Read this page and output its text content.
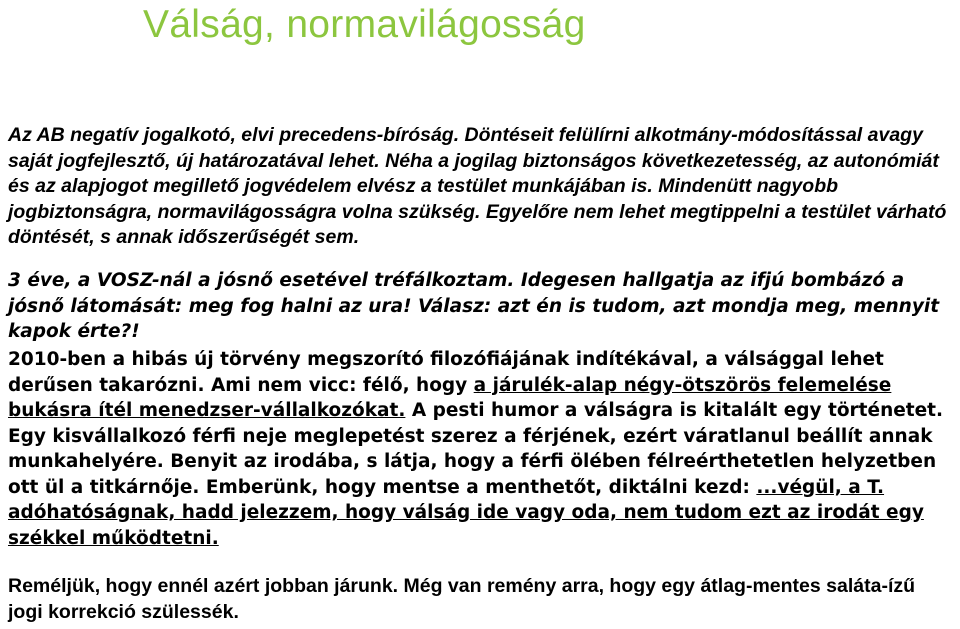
Válság, normavilágosság
Az AB negatív jogalkotó, elvi precedens-bíróság. Döntéseit felülírni alkotmány-módosítással avagy saját jogfejlesztő, új határozatával lehet. Néha a jogilag biztonságos következetesség, az autonómiát és az alapjogot megillető jogvédelem elvész a testület munkájában is. Mindenütt nagyobb jogbiztonságra, normavilágosságra volna szükség. Egyelőre nem lehet megtippelni a testület várható döntését, s annak időszerűségét sem.
3 éve, a VOSZ-nál a jósnő esetével tréfálkoztam. Idegesen hallgatja az ifjú bombázó a jósnő látomását: meg fog halni az ura! Válasz: azt én is tudom, azt mondja meg, mennyit kapok érte?!
2010-ben a hibás új törvény megszorító filozófiájának indítékával, a válsággal lehet derűsen takarózni. Ami nem vicc: félő, hogy a járulék-alap négy-ötszörös felemelése bukásra ítél menedzser-vállalkozókat. A pesti humor a válságra is kitalált egy történetet. Egy kisvállalkozó férfi neje meglepetést szerez a férjének, ezért váratlanul beállít annak munkahelyére. Benyit az irodába, s látja, hogy a férfi ölében félreérthetetlen helyzetben ott ül a titkárnője. Emberünk, hogy mentse a menthetőt, diktálni kezd: ...végül, a T. adóhatóságnak, hadd jelezzem, hogy válság ide vagy oda, nem tudom ezt az irodát egy székkel működtetni.
Reméljük, hogy ennél azért jobban járunk. Még van remény arra, hogy egy átlag-mentes saláta-ízű jogi korrekció szülessék.
